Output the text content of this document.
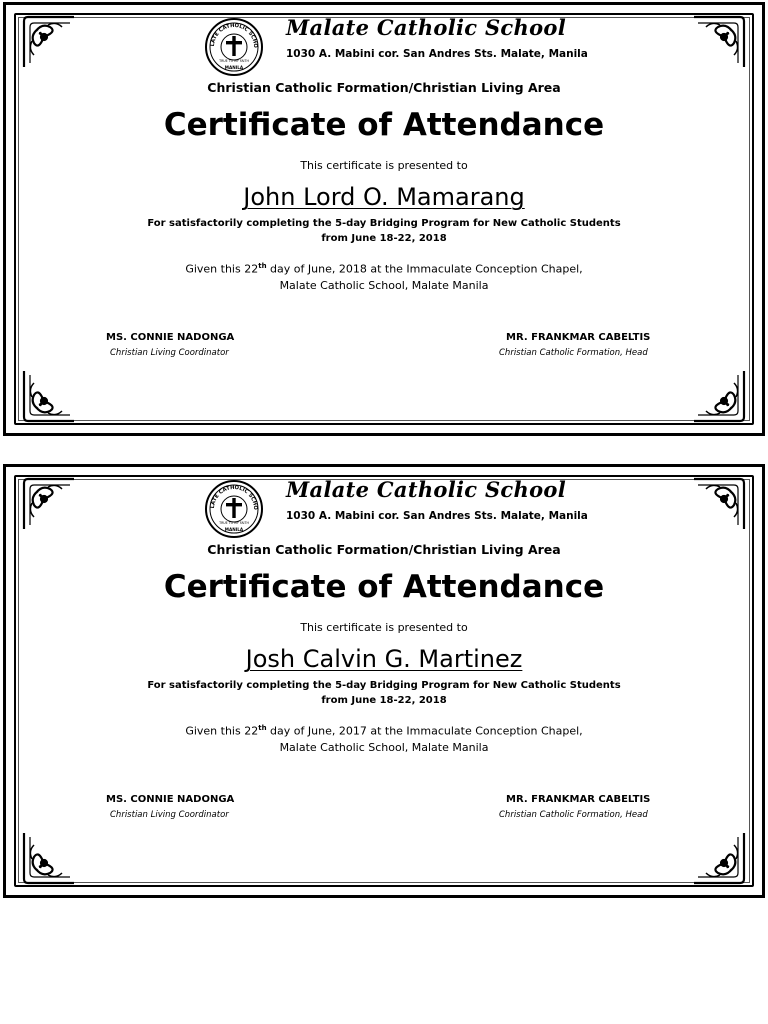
LATE CATHOLIC SCHO
TRUE TO MY FAITH
MANILA
Malate Catholic School
1030 A. Mabini cor. San Andres Sts. Malate, Manila
Christian Catholic Formation/Christian Living Area
Certificate of Attendance
This certificate is presented to
John Lord O. Mamarang
For satisfactorily completing the 5-day Bridging Program for New Catholic Students
from June 18-22, 2018
Given this 22th day of June, 2018 at the Immaculate Conception Chapel,
Malate Catholic School, Malate Manila
MS. CONNIE NADONGA
Christian Living Coordinator
MR. FRANKMAR CABELTIS
Christian Catholic Formation, Head
LATE CATHOLIC SCHO
TRUE TO MY FAITH
MANILA
Malate Catholic School
1030 A. Mabini cor. San Andres Sts. Malate, Manila
Christian Catholic Formation/Christian Living Area
Certificate of Attendance
This certificate is presented to
Josh Calvin G. Martinez
For satisfactorily completing the 5-day Bridging Program for New Catholic Students
from June 18-22, 2018
Given this 22th day of June, 2017 at the Immaculate Conception Chapel,
Malate Catholic School, Malate Manila
MS. CONNIE NADONGA
Christian Living Coordinator
MR. FRANKMAR CABELTIS
Christian Catholic Formation, Head
